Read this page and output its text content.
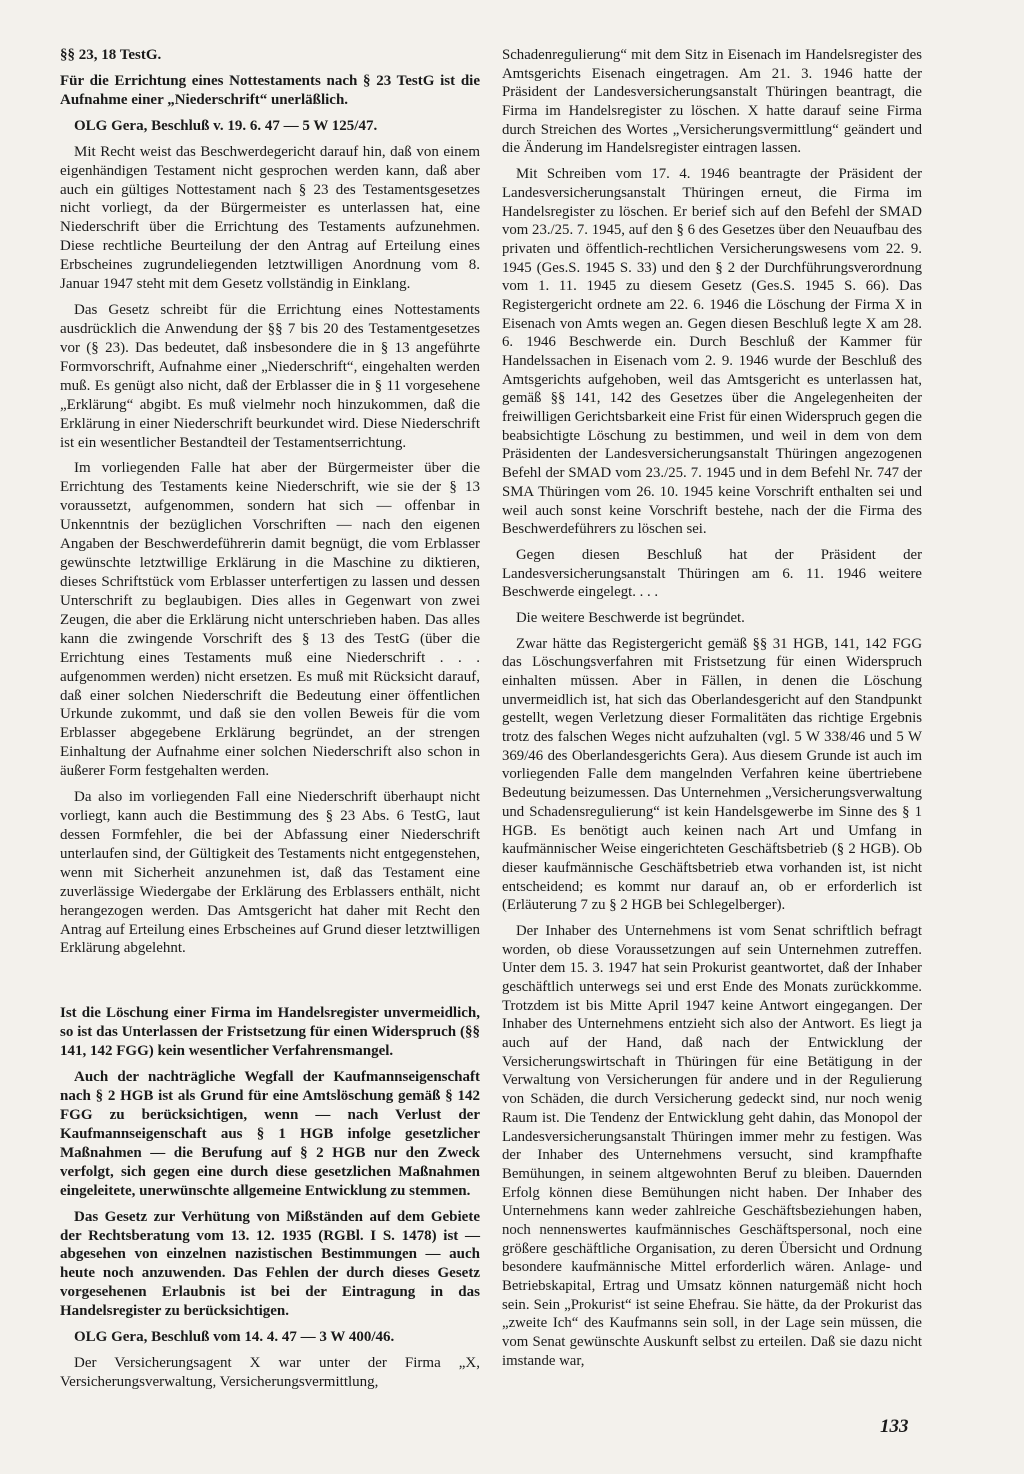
§§ 23, 18 TestG.

Für die Errichtung eines Nottestaments nach § 23 TestG ist die Aufnahme einer „Niederschrift“ unerläßlich.

OLG Gera, Beschluß v. 19. 6. 47 — 5 W 125/47.

Mit Recht weist das Beschwerdegericht darauf hin, daß von einem eigenhändigen Testament nicht gesprochen werden kann, daß aber auch ein gültiges Nottestament nach § 23 des Testamentsgesetzes nicht vorliegt, da der Bürgermeister es unterlassen hat, eine Niederschrift über die Errichtung des Testaments aufzunehmen. Diese rechtliche Beurteilung der den Antrag auf Erteilung eines Erbscheines zugrundeliegenden letztwilligen Anordnung vom 8. Januar 1947 steht mit dem Gesetz vollständig in Einklang.

Das Gesetz schreibt für die Errichtung eines Nottestaments ausdrücklich die Anwendung der §§ 7 bis 20 des Testamentgesetzes vor (§ 23). Das bedeutet, daß insbesondere die in § 13 angeführte Formvorschrift, Aufnahme einer „Niederschrift“, eingehalten werden muß. Es genügt also nicht, daß der Erblasser die in § 11 vorgesehene „Erklärung“ abgibt. Es muß vielmehr noch hinzukommen, daß die Erklärung in einer Niederschrift beurkundet wird. Diese Niederschrift ist ein wesentlicher Bestandteil der Testamentserrichtung.

Im vorliegenden Falle hat aber der Bürgermeister über die Errichtung des Testaments keine Niederschrift, wie sie der § 13 voraussetzt, aufgenommen, sondern hat sich — offenbar in Unkenntnis der bezüglichen Vorschriften — nach den eigenen Angaben der Beschwerdeführerin damit begnügt, die vom Erblasser gewünschte letztwillige Erklärung in die Maschine zu diktieren, dieses Schriftstück vom Erblasser unterfertigen zu lassen und dessen Unterschrift zu beglaubigen. Dies alles in Gegenwart von zwei Zeugen, die aber die Erklärung nicht unterschrieben haben. Das alles kann die zwingende Vorschrift des § 13 des TestG (über die Errichtung eines Testaments muß eine Niederschrift . . . aufgenommen werden) nicht ersetzen. Es muß mit Rücksicht darauf, daß einer solchen Niederschrift die Bedeutung einer öffentlichen Urkunde zukommt, und daß sie den vollen Beweis für die vom Erblasser abgegebene Erklärung begründet, an der strengen Einhaltung der Aufnahme einer solchen Niederschrift also schon in äußerer Form festgehalten werden.

Da also im vorliegenden Fall eine Niederschrift überhaupt nicht vorliegt, kann auch die Bestimmung des § 23 Abs. 6 TestG, laut dessen Formfehler, die bei der Abfassung einer Niederschrift unterlaufen sind, der Gültigkeit des Testaments nicht entgegenstehen, wenn mit Sicherheit anzunehmen ist, daß das Testament eine zuverlässige Wiedergabe der Erklärung des Erblassers enthält, nicht herangezogen werden. Das Amtsgericht hat daher mit Recht den Antrag auf Erteilung eines Erbscheines auf Grund dieser letztwilligen Erklärung abgelehnt.

Ist die Löschung einer Firma im Handelsregister unvermeidlich, so ist das Unterlassen der Fristsetzung für einen Widerspruch (§§ 141, 142 FGG) kein wesentlicher Verfahrensmangel.

Auch der nachträgliche Wegfall der Kaufmannseigenschaft nach § 2 HGB ist als Grund für eine Amtslöschung gemäß § 142 FGG zu berücksichtigen, wenn — nach Verlust der Kaufmannseigenschaft aus § 1 HGB infolge gesetzlicher Maßnahmen — die Berufung auf § 2 HGB nur den Zweck verfolgt, sich gegen eine durch diese gesetzlichen Maßnahmen eingeleitete, unerwünschte allgemeine Entwicklung zu stemmen.

Das Gesetz zur Verhütung von Mißständen auf dem Gebiete der Rechtsberatung vom 13. 12. 1935 (RGBl. I S. 1478) ist — abgesehen von einzelnen nazistischen Bestimmungen — auch heute noch anzuwenden. Das Fehlen der durch dieses Gesetz vorgesehenen Erlaubnis ist bei der Eintragung in das Handelsregister zu berücksichtigen.

OLG Gera, Beschluß vom 14. 4. 47 — 3 W 400/46.

Der Versicherungsagent X war unter der Firma „X, Versicherungsverwaltung, Versicherungsvermittlung,

Schadenregulierung“ mit dem Sitz in Eisenach im Handelsregister des Amtsgerichts Eisenach eingetragen. Am 21. 3. 1946 hatte der Präsident der Landesversicherungsanstalt Thüringen beantragt, die Firma im Handelsregister zu löschen. X hatte darauf seine Firma durch Streichen des Wortes „Versicherungsvermittlung“ geändert und die Änderung im Handelsregister eintragen lassen.

Mit Schreiben vom 17. 4. 1946 beantragte der Präsident der Landesversicherungsanstalt Thüringen erneut, die Firma im Handelsregister zu löschen. Er berief sich auf den Befehl der SMAD vom 23./25. 7. 1945, auf den § 6 des Gesetzes über den Neuaufbau des privaten und öffentlich-rechtlichen Versicherungswesens vom 22. 9. 1945 (Ges.S. 1945 S. 33) und den § 2 der Durchführungsverordnung vom 1. 11. 1945 zu diesem Gesetz (Ges.S. 1945 S. 66). Das Registergericht ordnete am 22. 6. 1946 die Löschung der Firma X in Eisenach von Amts wegen an. Gegen diesen Beschluß legte X am 28. 6. 1946 Beschwerde ein. Durch Beschluß der Kammer für Handelssachen in Eisenach vom 2. 9. 1946 wurde der Beschluß des Amtsgerichts aufgehoben, weil das Amtsgericht es unterlassen hat, gemäß §§ 141, 142 des Gesetzes über die Angelegenheiten der freiwilligen Gerichtsbarkeit eine Frist für einen Widerspruch gegen die beabsichtigte Löschung zu bestimmen, und weil in dem von dem Präsidenten der Landesversicherungsanstalt Thüringen angezogenen Befehl der SMAD vom 23./25. 7. 1945 und in dem Befehl Nr. 747 der SMA Thüringen vom 26. 10. 1945 keine Vorschrift enthalten sei und weil auch sonst keine Vorschrift bestehe, nach der die Firma des Beschwerdeführers zu löschen sei.

Gegen diesen Beschluß hat der Präsident der Landesversicherungsanstalt Thüringen am 6. 11. 1946 weitere Beschwerde eingelegt. . . .

Die weitere Beschwerde ist begründet.

Zwar hätte das Registergericht gemäß §§ 31 HGB, 141, 142 FGG das Löschungsverfahren mit Fristsetzung für einen Widerspruch einhalten müssen. Aber in Fällen, in denen die Löschung unvermeidlich ist, hat sich das Oberlandesgericht auf den Standpunkt gestellt, wegen Verletzung dieser Formalitäten das richtige Ergebnis trotz des falschen Weges nicht aufzuhalten (vgl. 5 W 338/46 und 5 W 369/46 des Oberlandesgerichts Gera). Aus diesem Grunde ist auch im vorliegenden Falle dem mangelnden Verfahren keine übertriebene Bedeutung beizumessen. Das Unternehmen „Versicherungsverwaltung und Schadensregulierung“ ist kein Handelsgewerbe im Sinne des § 1 HGB. Es benötigt auch keinen nach Art und Umfang in kaufmännischer Weise eingerichteten Geschäftsbetrieb (§ 2 HGB). Ob dieser kaufmännische Geschäftsbetrieb etwa vorhanden ist, ist nicht entscheidend; es kommt nur darauf an, ob er erforderlich ist (Erläuterung 7 zu § 2 HGB bei Schlegelberger).

Der Inhaber des Unternehmens ist vom Senat schriftlich befragt worden, ob diese Voraussetzungen auf sein Unternehmen zutreffen. Unter dem 15. 3. 1947 hat sein Prokurist geantwortet, daß der Inhaber geschäftlich unterwegs sei und erst Ende des Monats zurückkomme. Trotzdem ist bis Mitte April 1947 keine Antwort eingegangen. Der Inhaber des Unternehmens entzieht sich also der Antwort. Es liegt ja auch auf der Hand, daß nach der Entwicklung der Versicherungswirtschaft in Thüringen für eine Betätigung in der Verwaltung von Versicherungen für andere und in der Regulierung von Schäden, die durch Versicherung gedeckt sind, nur noch wenig Raum ist. Die Tendenz der Entwicklung geht dahin, das Monopol der Landesversicherungsanstalt Thüringen immer mehr zu festigen. Was der Inhaber des Unternehmens versucht, sind krampfhafte Bemühungen, in seinem altgewohnten Beruf zu bleiben. Dauernden Erfolg können diese Bemühungen nicht haben. Der Inhaber des Unternehmens kann weder zahlreiche Geschäftsbeziehungen haben, noch nennenswertes kaufmännisches Geschäftspersonal, noch eine größere geschäftliche Organisation, zu deren Übersicht und Ordnung besondere kaufmännische Mittel erforderlich wären. Anlage- und Betriebskapital, Ertrag und Umsatz können naturgemäß nicht hoch sein. Sein „Prokurist“ ist seine Ehefrau. Sie hätte, da der Prokurist das „zweite Ich“ des Kaufmanns sein soll, in der Lage sein müssen, die vom Senat gewünschte Auskunft selbst zu erteilen. Daß sie dazu nicht imstande war,

133
